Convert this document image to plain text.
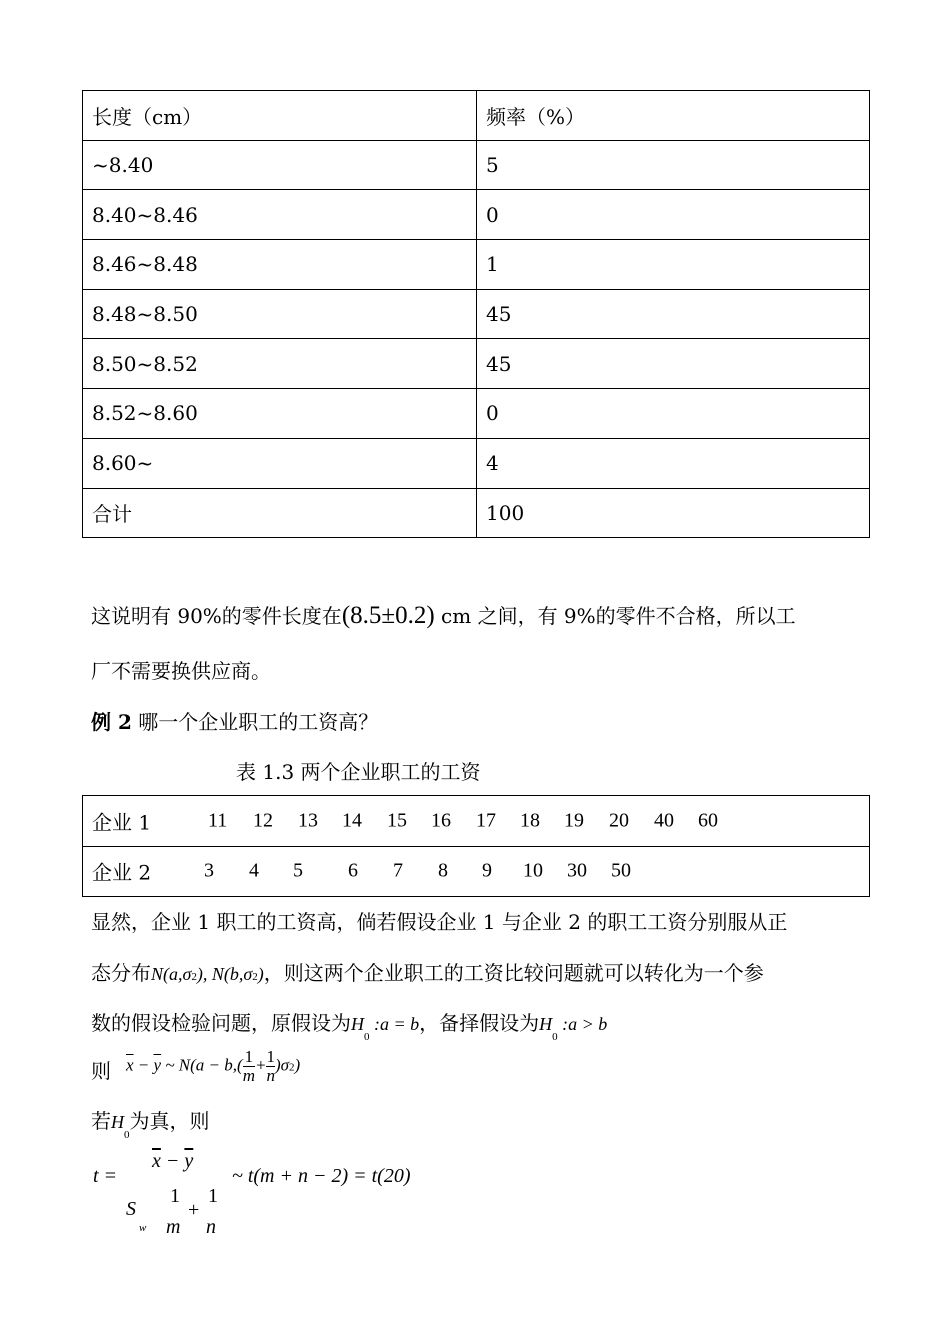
长度（cm）	频率（%）
~8.40	5
8.40~8.46	0
8.46~8.48	1
8.48~8.50	45
8.50~8.52	45
8.52~8.60	0
8.60~	4
合计	100
这说明有 90%的零件长度在(8.5±0.2) cm 之间，有 9%的零件不合格，所以工
厂不需要换供应商。
例 2 哪一个企业职工的工资高？
表 1.3 两个企业职工的工资
企业 1	11 12 13 14 15 16 17 18 19 20 40 60

企业 2	3 4 5 6 7 8 9 10 30 50
显然，企业 1 职工的工资高，倘若假设企业 1 与企业 2 的职工工资分别服从正
态分布N(a,σ2), N(b,σ2)，则这两个企业职工的工资比较问题就可以转化为一个参
数的假设检验问题，原假设为$H_0$ :a = b，备择假设为$H_0$ :a > b
则 $\overline{x} - \overline{y}$ ~ $N(a - b,( \frac{1}{m} + \frac{1}{n} )\sigma 2)$
若$H_0$为真，则
t =
$\overline{x} - \overline{y}$
~ t(m + n − 2) = t(20)
S
w
1
m
+
1
n
